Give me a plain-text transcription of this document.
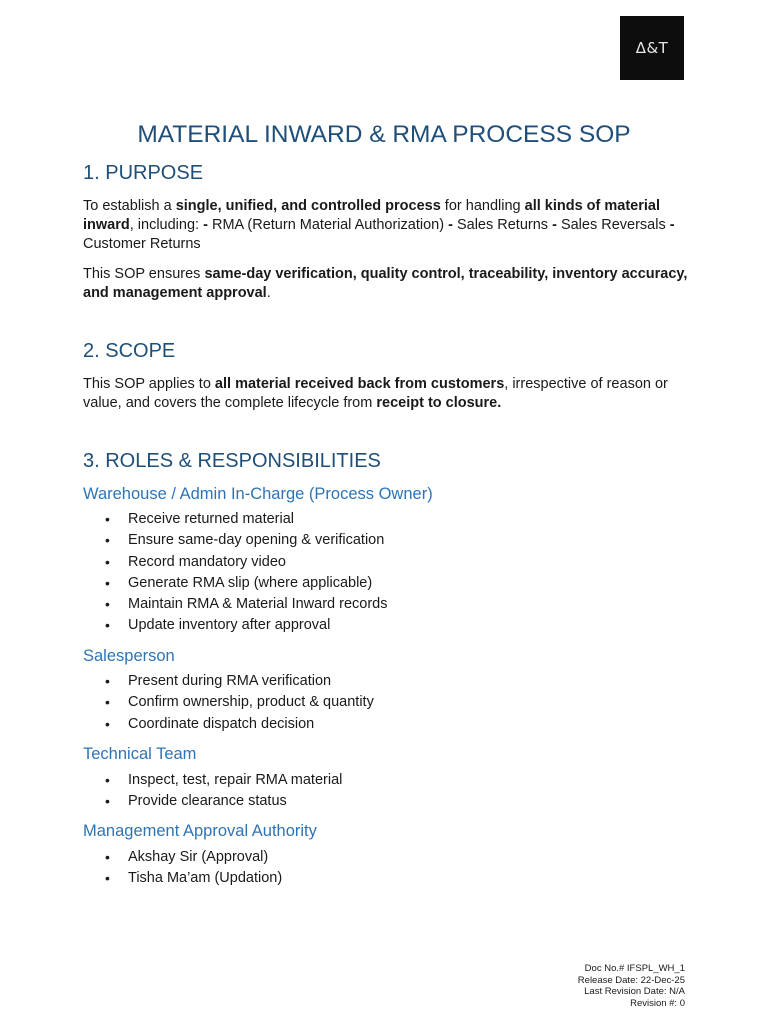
Δ&T
MATERIAL INWARD & RMA PROCESS SOP
1. PURPOSE

To establish a single, unified, and controlled process for handling all kinds of material inward, including: - RMA (Return Material Authorization) - Sales Returns - Sales Reversals - Customer Returns

This SOP ensures same-day verification, quality control, traceability, inventory accuracy, and management approval.

2. SCOPE

This SOP applies to all material received back from customers, irrespective of reason or value, and covers the complete lifecycle from receipt to closure.

3. ROLES & RESPONSIBILITIES
Warehouse / Admin In-Charge (Process Owner)
• Receive returned material
• Ensure same-day opening & verification
• Record mandatory video
• Generate RMA slip (where applicable)
• Maintain RMA & Material Inward records
• Update inventory after approval
Salesperson
• Present during RMA verification
• Confirm ownership, product & quantity
• Coordinate dispatch decision
Technical Team
• Inspect, test, repair RMA material
• Provide clearance status
Management Approval Authority
• Akshay Sir (Approval)
• Tisha Ma’am (Updation)
Doc No.# IFSPL_WH_1
Release Date: 22-Dec-25
Last Revision Date: N/A
Revision #: 0
